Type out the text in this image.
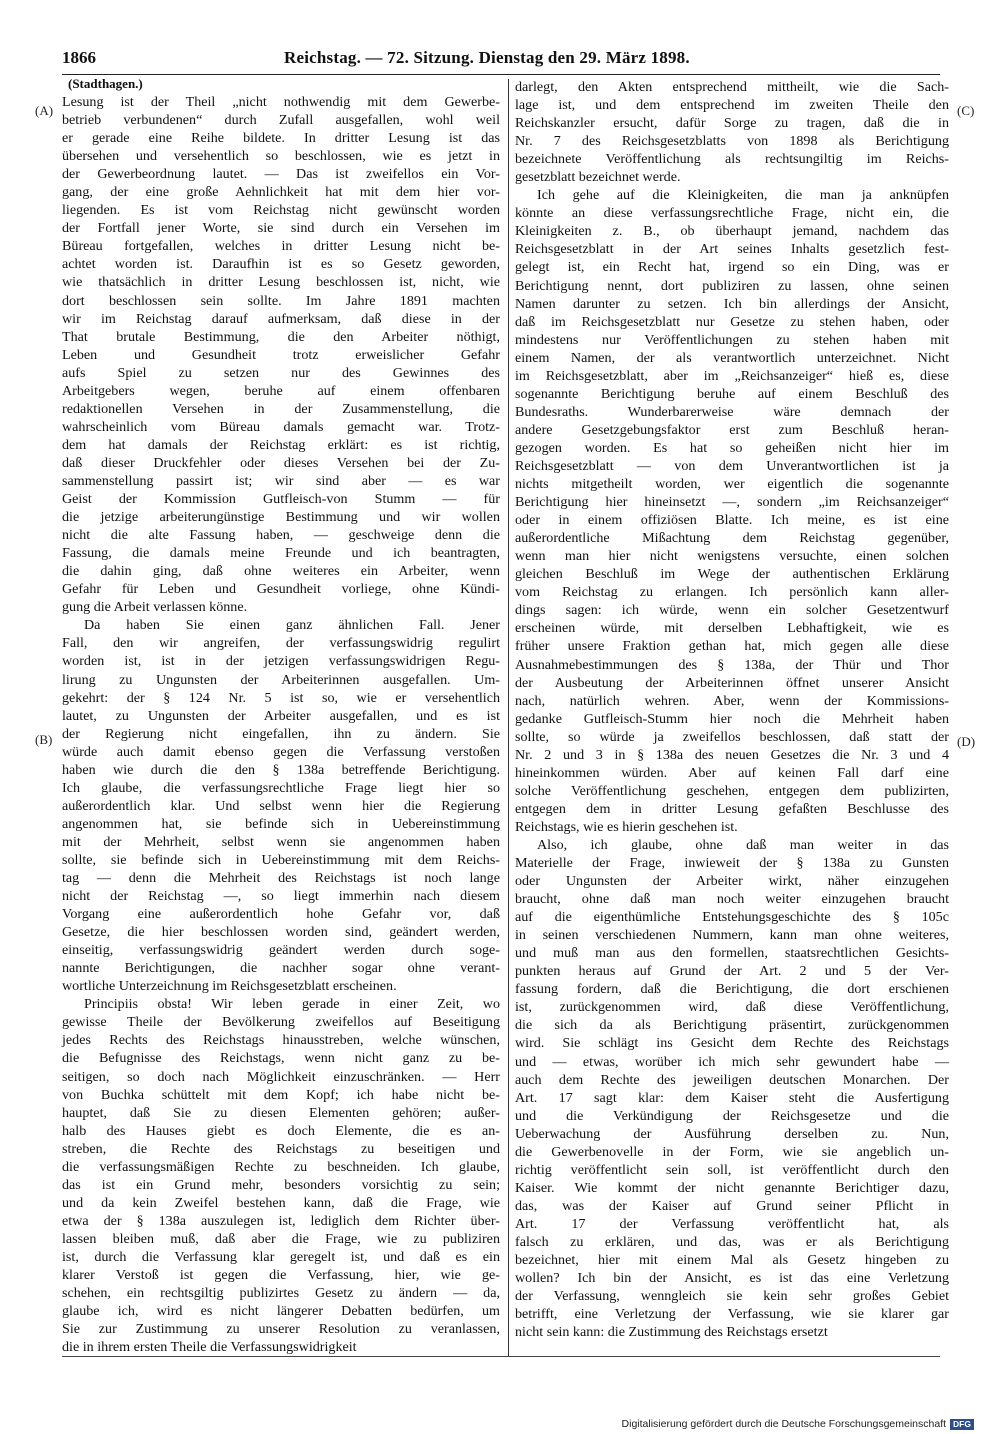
1866	Reichstag. — 72. Sitzung. Dienstag den 29. März 1898.
(A)
(B)
(C)
(D)
(Stadthagen.)

Lesung ist der Theil „nicht nothwendig mit dem Gewerbe-
betrieb verbundenen“ durch Zufall ausgefallen, wohl weil
er gerade eine Reihe bildete. In dritter Lesung ist das
übersehen und versehentlich so beschlossen, wie es jetzt in
der Gewerbeordnung lautet. — Das ist zweifellos ein Vor-
gang, der eine große Aehnlichkeit hat mit dem hier vor-
liegenden. Es ist vom Reichstag nicht gewünscht worden
der Fortfall jener Worte, sie sind durch ein Versehen im
Büreau fortgefallen, welches in dritter Lesung nicht be-
achtet worden ist. Daraufhin ist es so Gesetz geworden,
wie thatsächlich in dritter Lesung beschlossen ist, nicht, wie
dort beschlossen sein sollte. Im Jahre 1891 machten
wir im Reichstag darauf aufmerksam, daß diese in der
That brutale Bestimmung, die den Arbeiter nöthigt,
Leben und Gesundheit trotz erweislicher Gefahr
aufs Spiel zu setzen nur des Gewinnes des
Arbeitgebers wegen, beruhe auf einem offenbaren
redaktionellen Versehen in der Zusammenstellung, die
wahrscheinlich vom Büreau damals gemacht war. Trotz-
dem hat damals der Reichstag erklärt: es ist richtig,
daß dieser Druckfehler oder dieses Versehen bei der Zu-
sammenstellung passirt ist; wir sind aber — es war
Geist der Kommission Gutfleisch-von Stumm — für
die jetzige arbeiterungünstige Bestimmung und wir wollen
nicht die alte Fassung haben, — geschweige denn die
Fassung, die damals meine Freunde und ich beantragten,
die dahin ging, daß ohne weiteres ein Arbeiter, wenn
Gefahr für Leben und Gesundheit vorliege, ohne Kündi-
gung die Arbeit verlassen könne.

Da haben Sie einen ganz ähnlichen Fall. Jener
Fall, den wir angreifen, der verfassungswidrig regulirt
worden ist, ist in der jetzigen verfassungswidrigen Regu-
lirung zu Ungunsten der Arbeiterinnen ausgefallen. Um-
gekehrt: der § 124 Nr. 5 ist so, wie er versehentlich
lautet, zu Ungunsten der Arbeiter ausgefallen, und es ist
der Regierung nicht eingefallen, ihn zu ändern. Sie
würde auch damit ebenso gegen die Verfassung verstoßen
haben wie durch die den § 138a betreffende Berichtigung.
Ich glaube, die verfassungsrechtliche Frage liegt hier so
außerordentlich klar. Und selbst wenn hier die Regierung
angenommen hat, sie befinde sich in Uebereinstimmung
mit der Mehrheit, selbst wenn sie angenommen haben
sollte, sie befinde sich in Uebereinstimmung mit dem Reichs-
tag — denn die Mehrheit des Reichstags ist noch lange
nicht der Reichstag —, so liegt immerhin nach diesem
Vorgang eine außerordentlich hohe Gefahr vor, daß
Gesetze, die hier beschlossen worden sind, geändert werden,
einseitig, verfassungswidrig geändert werden durch soge-
nannte Berichtigungen, die nachher sogar ohne verant-
wortliche Unterzeichnung im Reichsgesetzblatt erscheinen.

Principiis obsta! Wir leben gerade in einer Zeit, wo
gewisse Theile der Bevölkerung zweifellos auf Beseitigung
jedes Rechts des Reichstags hinausstreben, welche wünschen,
die Befugnisse des Reichstags, wenn nicht ganz zu be-
seitigen, so doch nach Möglichkeit einzuschränken. — Herr
von Buchka schüttelt mit dem Kopf; ich habe nicht be-
hauptet, daß Sie zu diesen Elementen gehören; außer-
halb des Hauses giebt es doch Elemente, die es an-
streben, die Rechte des Reichstags zu beseitigen und
die verfassungsmäßigen Rechte zu beschneiden. Ich glaube,
das ist ein Grund mehr, besonders vorsichtig zu sein;
und da kein Zweifel bestehen kann, daß die Frage, wie
etwa der § 138a auszulegen ist, lediglich dem Richter über-
lassen bleiben muß, daß aber die Frage, wie zu publiziren
ist, durch die Verfassung klar geregelt ist, und daß es ein
klarer Verstoß ist gegen die Verfassung, hier, wie ge-
schehen, ein rechtsgiltig publizirtes Gesetz zu ändern — da,
glaube ich, wird es nicht längerer Debatten bedürfen, um
Sie zur Zustimmung zu unserer Resolution zu veranlassen,
die in ihrem ersten Theile die Verfassungswidrigkeit

darlegt, den Akten entsprechend mittheilt, wie die Sach-
lage ist, und dem entsprechend im zweiten Theile den
Reichskanzler ersucht, dafür Sorge zu tragen, daß die in
Nr. 7 des Reichsgesetzblatts von 1898 als Berichtigung
bezeichnete Veröffentlichung als rechtsungiltig im Reichs-
gesetzblatt bezeichnet werde.

Ich gehe auf die Kleinigkeiten, die man ja anknüpfen
könnte an diese verfassungsrechtliche Frage, nicht ein, die
Kleinigkeiten z. B., ob überhaupt jemand, nachdem das
Reichsgesetzblatt in der Art seines Inhalts gesetzlich fest-
gelegt ist, ein Recht hat, irgend so ein Ding, was er
Berichtigung nennt, dort publiziren zu lassen, ohne seinen
Namen darunter zu setzen. Ich bin allerdings der Ansicht,
daß im Reichsgesetzblatt nur Gesetze zu stehen haben, oder
mindestens nur Veröffentlichungen zu stehen haben mit
einem Namen, der als verantwortlich unterzeichnet. Nicht
im Reichsgesetzblatt, aber im „Reichsanzeiger“ hieß es, diese
sogenannte Berichtigung beruhe auf einem Beschluß des
Bundesraths. Wunderbarerweise wäre demnach der
andere Gesetzgebungsfaktor erst zum Beschluß heran-
gezogen worden. Es hat so geheißen nicht hier im
Reichsgesetzblatt — von dem Unverantwortlichen ist ja
nichts mitgetheilt worden, wer eigentlich die sogenannte
Berichtigung hier hineinsetzt —, sondern „im Reichsanzeiger“
oder in einem offiziösen Blatte. Ich meine, es ist eine
außerordentliche Mißachtung dem Reichstag gegenüber,
wenn man hier nicht wenigstens versuchte, einen solchen
gleichen Beschluß im Wege der authentischen Erklärung
vom Reichstag zu erlangen. Ich persönlich kann aller-
dings sagen: ich würde, wenn ein solcher Gesetzentwurf
erscheinen würde, mit derselben Lebhaftigkeit, wie es
früher unsere Fraktion gethan hat, mich gegen alle diese
Ausnahmebestimmungen des § 138a, der Thür und Thor
der Ausbeutung der Arbeiterinnen öffnet unserer Ansicht
nach, natürlich wehren. Aber, wenn der Kommissions-
gedanke Gutfleisch-Stumm hier noch die Mehrheit haben
sollte, so würde ja zweifellos beschlossen, daß statt der
Nr. 2 und 3 in § 138a des neuen Gesetzes die Nr. 3 und 4
hineinkommen würden. Aber auf keinen Fall darf eine
solche Veröffentlichung geschehen, entgegen dem publizirten,
entgegen dem in dritter Lesung gefaßten Beschlusse des
Reichstags, wie es hierin geschehen ist.

Also, ich glaube, ohne daß man weiter in das
Materielle der Frage, inwieweit der § 138a zu Gunsten
oder Ungunsten der Arbeiter wirkt, näher einzugehen
braucht, ohne daß man noch weiter einzugehen braucht
auf die eigenthümliche Entstehungsgeschichte des § 105c
in seinen verschiedenen Nummern, kann man ohne weiteres,
und muß man aus den formellen, staatsrechtlichen Gesichts-
punkten heraus auf Grund der Art. 2 und 5 der Ver-
fassung fordern, daß die Berichtigung, die dort erschienen
ist, zurückgenommen wird, daß diese Veröffentlichung,
die sich da als Berichtigung präsentirt, zurückgenommen
wird. Sie schlägt ins Gesicht dem Rechte des Reichstags
und — etwas, worüber ich mich sehr gewundert habe —
auch dem Rechte des jeweiligen deutschen Monarchen. Der
Art. 17 sagt klar: dem Kaiser steht die Ausfertigung
und die Verkündigung der Reichsgesetze und die
Ueberwachung der Ausführung derselben zu. Nun,
die Gewerbenovelle in der Form, wie sie angeblich un-
richtig veröffentlicht sein soll, ist veröffentlicht durch den
Kaiser. Wie kommt der nicht genannte Berichtiger dazu,
das, was der Kaiser auf Grund seiner Pflicht in
Art. 17 der Verfassung veröffentlicht hat, als
falsch zu erklären, und das, was er als Berichtigung
bezeichnet, hier mit einem Mal als Gesetz hingeben zu
wollen? Ich bin der Ansicht, es ist das eine Verletzung
der Verfassung, wenngleich sie kein sehr großes Gebiet
betrifft, eine Verletzung der Verfassung, wie sie klarer gar
nicht sein kann: die Zustimmung des Reichstags ersetzt

Digitalisierung gefördert durch die Deutsche Forschungsgemeinschaft DFG
